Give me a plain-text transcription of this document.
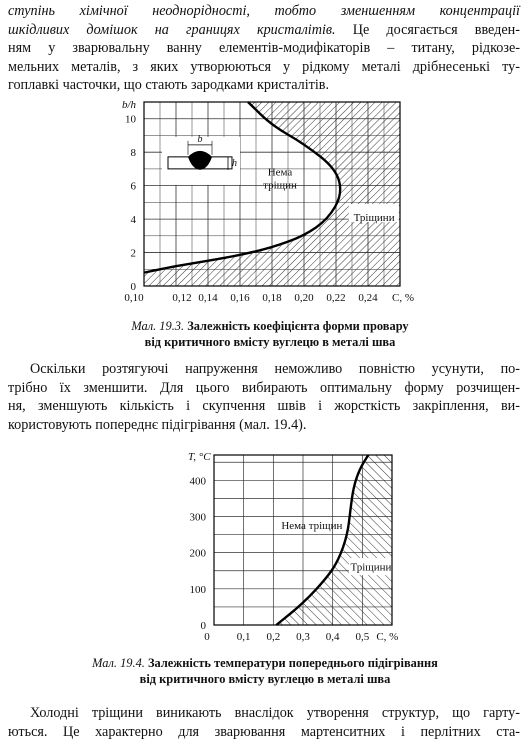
ступінь хімічної неоднорідності, тобто зменшенням концентрації
шкідливих домішок на границях кристалітів. Це досягається введен-
ням у зварювальну ванну елементів-модифікаторів – титану, рідкозе-
мельних металів, з яких утворюються у рідкому металі дрібнесенькі ту-
гоплавкі часточки, що стають зародками кристалітів.
0
2
4
6
8
10
0,10	0,12 0,14 0,16 0,18 0,20 0,22 0,24
b/h
C, %
Нема тріщин
Тріщини
b
h
Мал. 19.3. Залежність коефіцієнта форми провару
від критичного вмісту вуглецю в металі шва
Оскільки розтягуючі напруження неможливо повністю усунути, по-
трібно їх зменшити. Для цього вибирають оптимальну форму розчищен-
ня, зменшують кількість і скупчення швів і жорсткість закріплення, ви-
користовують попереднє підігрівання (мал. 19.4).
0
100
200
300
400
0 0,1 0,2 0,3 0,4 0,5
T, °C
C, %
Нема тріщин
Тріщини
Мал. 19.4. Залежність температури попереднього підігрівання
від критичного вмісту вуглецю в металі шва
Холодні тріщини виникають внаслідок утворення структур, що гарту-
ються. Це характерно для зварювання мартенситних і перлітних ста-
